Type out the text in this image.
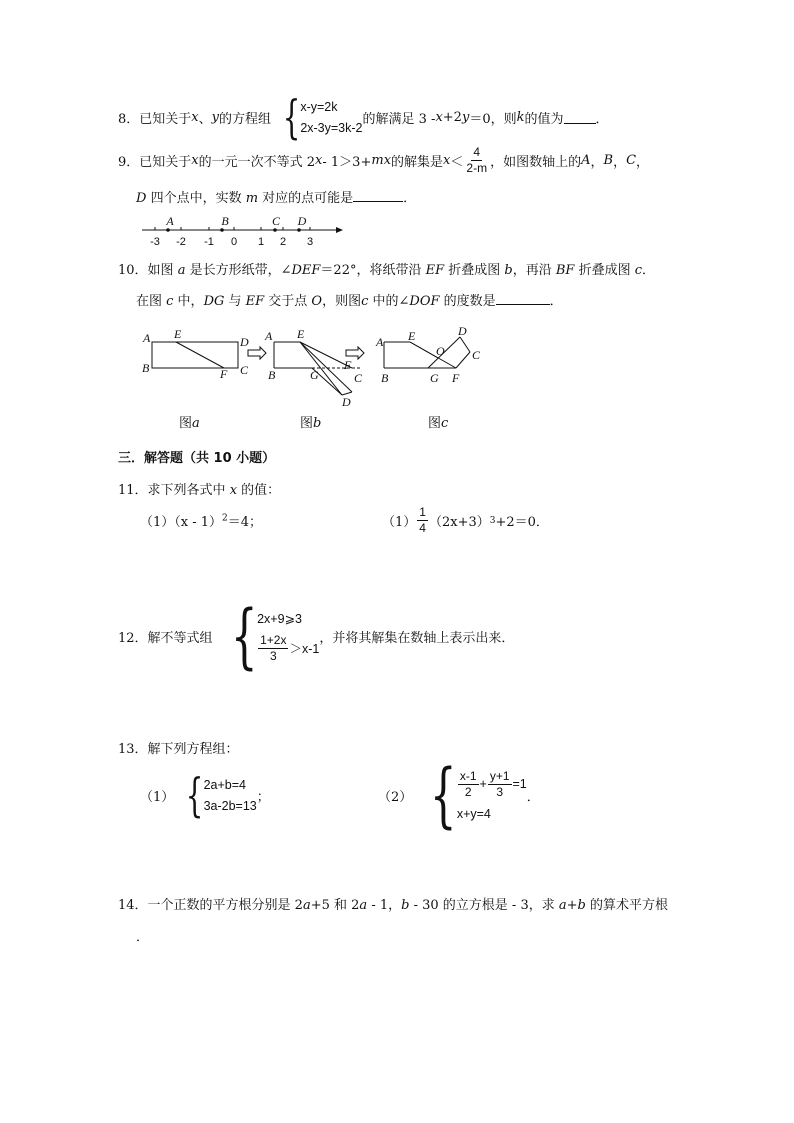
8． 已知关于 x 、 y 的方程组 { x-y=2k
2x-3y=3k-2
的解满足 3 - x +2 y ＝0，则 k 的值为 ．
9． 已知关于 x 的一元一次不等式 2 x - 1＞3+ m x 的解集是 $x < \frac{4}{2-m}$ ，如图数轴上的 A ， B ， C ，
D 四个点中，实数 m 对应的点可能是	．
-3 -2 -1 0 1 2 3
A	B	C D
10．如图 a 是长方形纸带，∠DEF＝22°，将纸带沿 EF 折叠成图 b，再沿 BF 折叠成图 c．
在图 c 中，DG 与 EF 交于点 O，则图c 中的∠DOF 的度数是	．
A E
D
B	F C
A E
B	G
F
C
D
A E	D
O C
B	G F
图a	图b	图c
三．解答题（共 10 小题）
11．求下列各式中 x 的值：
（1）（x - 1）$^2$＝4；	$(1) \frac{1}{4} (2x+3)$ 3 +2＝0．
12． 解不等式组 { 2x+9⩾3
$\frac{1+2x}{3} >x-1$
，并将其解集在数轴上表示出来．
13．解下列方程组：
（1） { 2a+b=4
3a-2b=13
；	（2） { $\frac{x-1}{2} + \frac{y+1}{3} =1$
x+y=4
．
14．一个正数的平方根分别是 2a+5 和 2a - 1，b - 30 的立方根是 - 3，求 a+b 的算术平方根
．
